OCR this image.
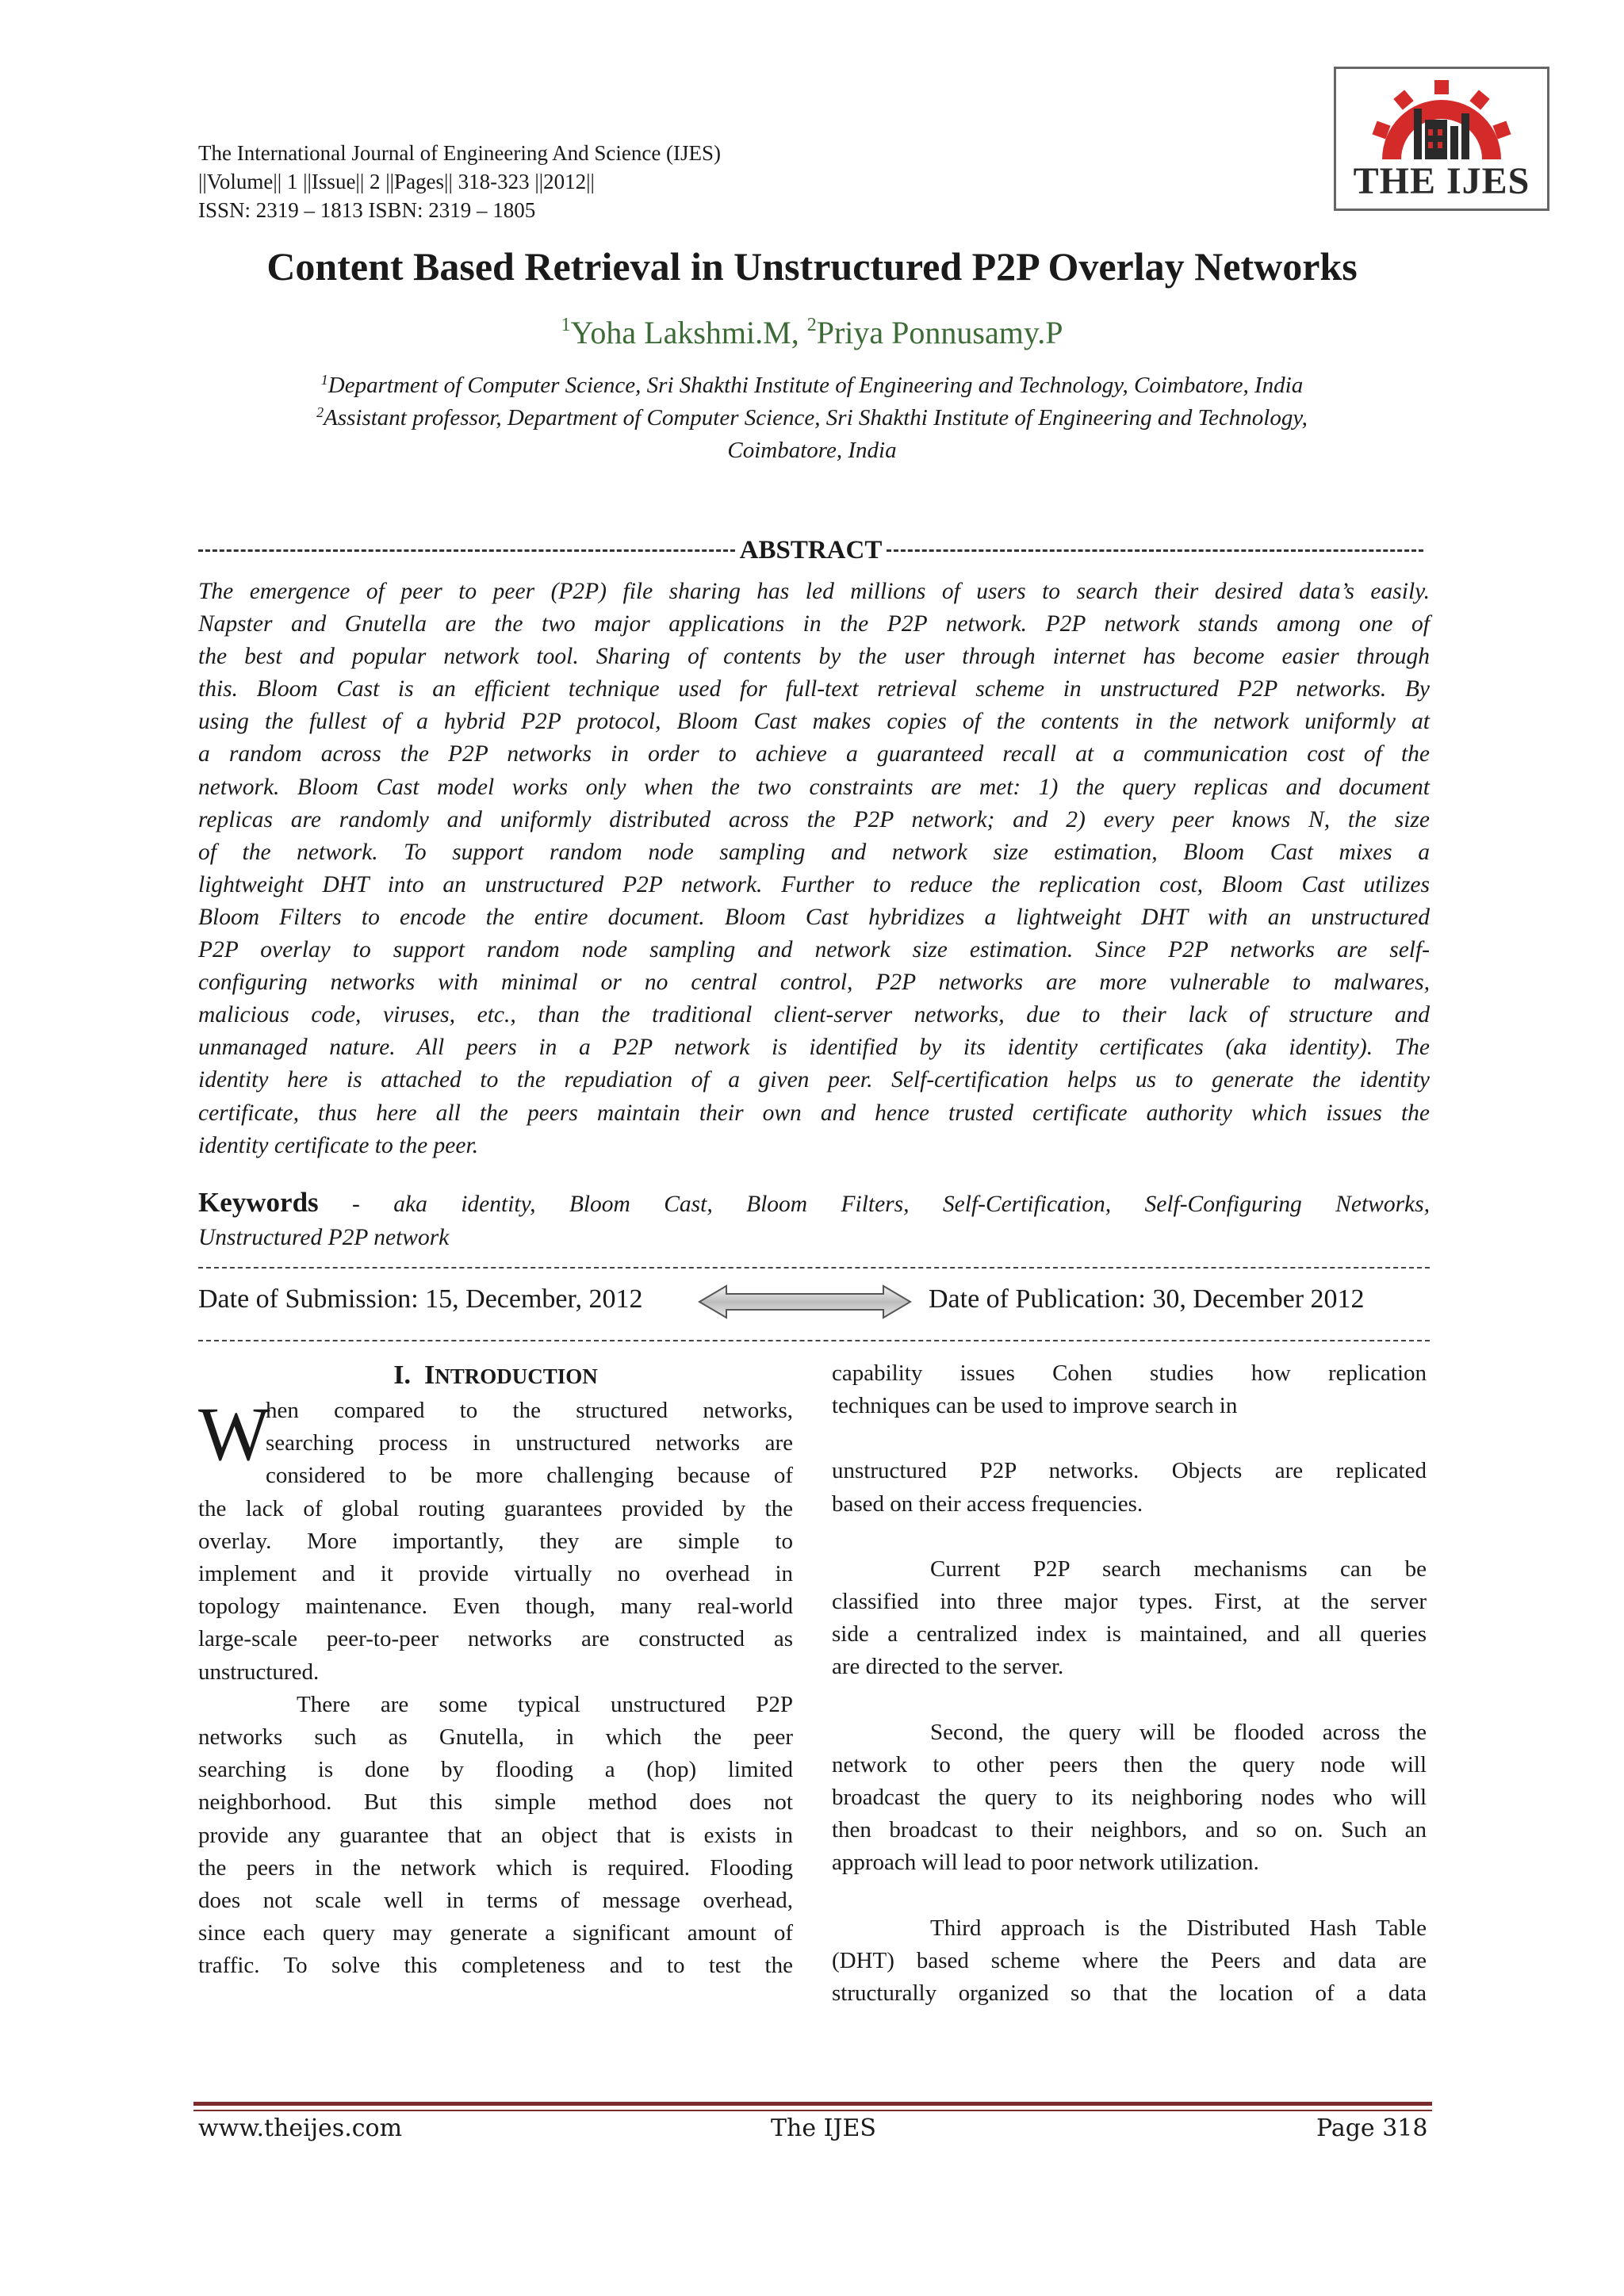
The International Journal of Engineering And Science (IJES)
||Volume|| 1 ||Issue|| 2 ||Pages|| 318-323 ||2012||
ISSN: 2319 – 1813 ISBN: 2319 – 1805
THE IJES
Content Based Retrieval in Unstructured P2P Overlay Networks
$^1$Yoha Lakshmi.M, $^2$Priya Ponnusamy.P
$^1$Department of Computer Science, Sri Shakthi Institute of Engineering and Technology, Coimbatore, India
$^2$Assistant professor, Department of Computer Science, Sri Shakthi Institute of Engineering and Technology,
Coimbatore, India
ABSTRACT
The emergence of peer to peer (P2P) file sharing has led millions of users to search their desired data’s easily.
Napster and Gnutella are the two major applications in the P2P network. P2P network stands among one of
the best and popular network tool. Sharing of contents by the user through internet has become easier through
this. Bloom Cast is an efficient technique used for full-text retrieval scheme in unstructured P2P networks. By
using the fullest of a hybrid P2P protocol, Bloom Cast makes copies of the contents in the network uniformly at
a random across the P2P networks in order to achieve a guaranteed recall at a communication cost of the
network. Bloom Cast model works only when the two constraints are met: 1) the query replicas and document
replicas are randomly and uniformly distributed across the P2P network; and 2) every peer knows N, the size
of the network. To support random node sampling and network size estimation, Bloom Cast mixes a
lightweight DHT into an unstructured P2P network. Further to reduce the replication cost, Bloom Cast utilizes
Bloom Filters to encode the entire document. Bloom Cast hybridizes a lightweight DHT with an unstructured
P2P overlay to support random node sampling and network size estimation. Since P2P networks are self-
configuring networks with minimal or no central control, P2P networks are more vulnerable to malwares,
malicious code, viruses, etc., than the traditional client-server networks, due to their lack of structure and
unmanaged nature. All peers in a P2P network is identified by its identity certificates (aka identity). The
identity here is attached to the repudiation of a given peer. Self-certification helps us to generate the identity
certificate, thus here all the peers maintain their own and hence trusted certificate authority which issues the
identity certificate to the peer.
Keywords - aka identity, Bloom Cast, Bloom Filters, Self-Certification, Self-Configuring Networks,
Unstructured P2P network
Date of Submission: 15, December, 2012	Date of Publication: 30, December 2012
I. INTRODUCTION
W
hen compared to the structured networks,
searching process in unstructured networks are
considered to be more challenging because of
the lack of global routing guarantees provided by the
overlay. More importantly, they are simple to
implement and it provide virtually no overhead in
topology maintenance. Even though, many real-world
large-scale peer-to-peer networks are constructed as
unstructured.
There are some typical unstructured P2P
networks such as Gnutella, in which the peer
searching is done by flooding a (hop) limited
neighborhood. But this simple method does not
provide any guarantee that an object that is exists in
the peers in the network which is required. Flooding
does not scale well in terms of message overhead,
since each query may generate a significant amount of
traffic. To solve this completeness and to test the
capability issues Cohen studies how replication
techniques can be used to improve search in
unstructured P2P networks. Objects are replicated
based on their access frequencies.
Current P2P search mechanisms can be
classified into three major types. First, at the server
side a centralized index is maintained, and all queries
are directed to the server.
Second, the query will be flooded across the
network to other peers then the query node will
broadcast the query to its neighboring nodes who will
then broadcast to their neighbors, and so on. Such an
approach will lead to poor network utilization.
Third approach is the Distributed Hash Table
(DHT) based scheme where the Peers and data are
structurally organized so that the location of a data
www.theijes.com	The IJES	Page 318
